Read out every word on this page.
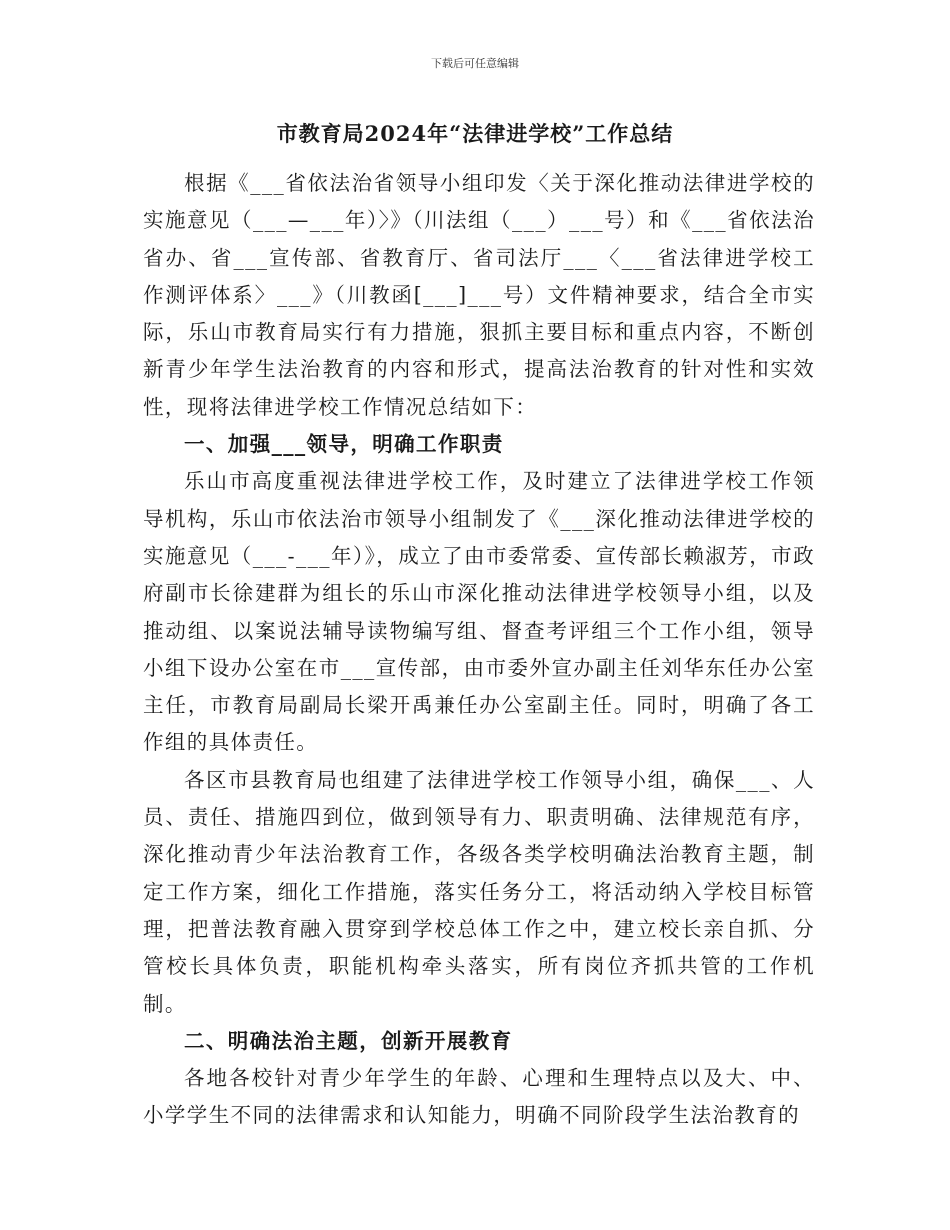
下载后可任意编辑
市教育局2024年“法律进学校”工作总结

根据《___省依法治省领导小组印发〈关于深化推动法律进学校的实施意见（___—___年）〉》（川法组（___）___号）和《___省依法治省办、省___宣传部、省教育厅、省司法厅___〈___省法律进学校工作测评体系〉___》（川教函[___]___号）文件精神要求，结合全市实际，乐山市教育局实行有力措施，狠抓主要目标和重点内容，不断创新青少年学生法治教育的内容和形式，提高法治教育的针对性和实效性，现将法律进学校工作情况总结如下：

一、加强___领导，明确工作职责

乐山市高度重视法律进学校工作，及时建立了法律进学校工作领导机构，乐山市依法治市领导小组制发了《___深化推动法律进学校的实施意见（___-___年）》，成立了由市委常委、宣传部长赖淑芳，市政府副市长徐建群为组长的乐山市深化推动法律进学校领导小组，以及推动组、以案说法辅导读物编写组、督查考评组三个工作小组，领导小组下设办公室在市___宣传部，由市委外宣办副主任刘华东任办公室主任，市教育局副局长梁开禹兼任办公室副主任。同时，明确了各工作组的具体责任。

各区市县教育局也组建了法律进学校工作领导小组，确保___、人员、责任、措施四到位，做到领导有力、职责明确、法律规范有序，深化推动青少年法治教育工作，各级各类学校明确法治教育主题，制定工作方案，细化工作措施，落实任务分工，将活动纳入学校目标管理，把普法教育融入贯穿到学校总体工作之中，建立校长亲自抓、分管校长具体负责，职能机构牵头落实，所有岗位齐抓共管的工作机制。

二、明确法治主题，创新开展教育

各地各校针对青少年学生的年龄、心理和生理特点以及大、中、小学学生不同的法律需求和认知能力，明确不同阶段学生法治教育的
